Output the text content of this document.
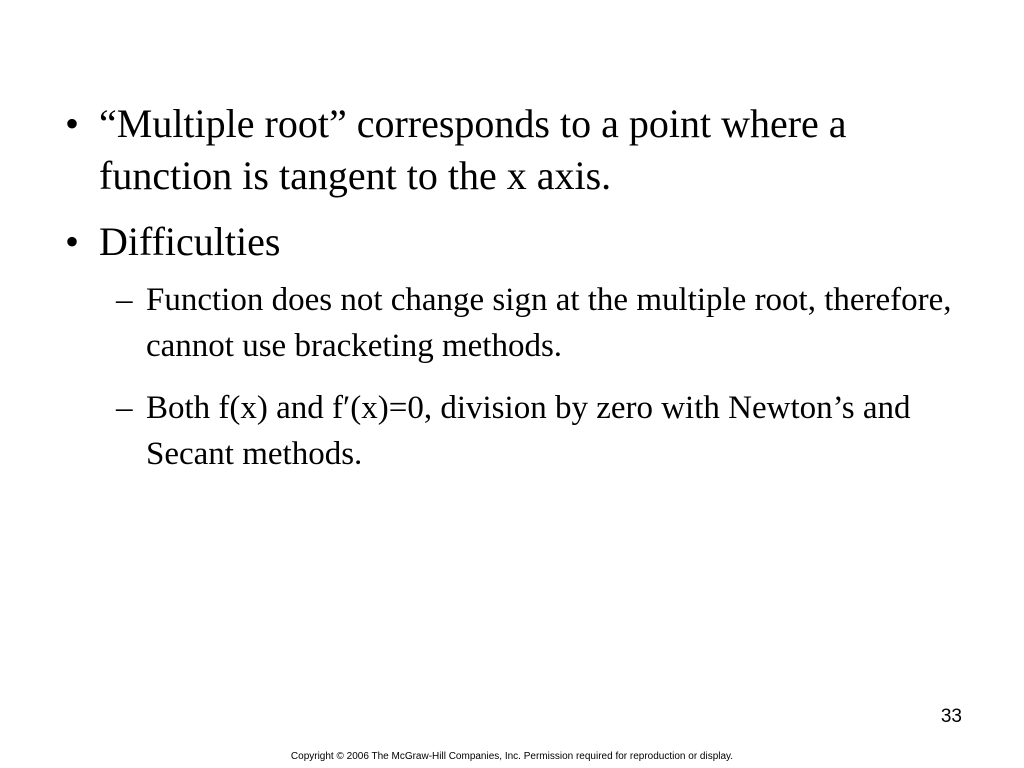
• “Multiple root” corresponds to a point where a function is tangent to the x axis.
• Difficulties
– Function does not change sign at the multiple root, therefore, cannot use bracketing methods.
– Both f(x) and f′(x)=0, division by zero with Newton’s and Secant methods.
33
Copyright © 2006 The McGraw-Hill Companies, Inc. Permission required for reproduction or display.
